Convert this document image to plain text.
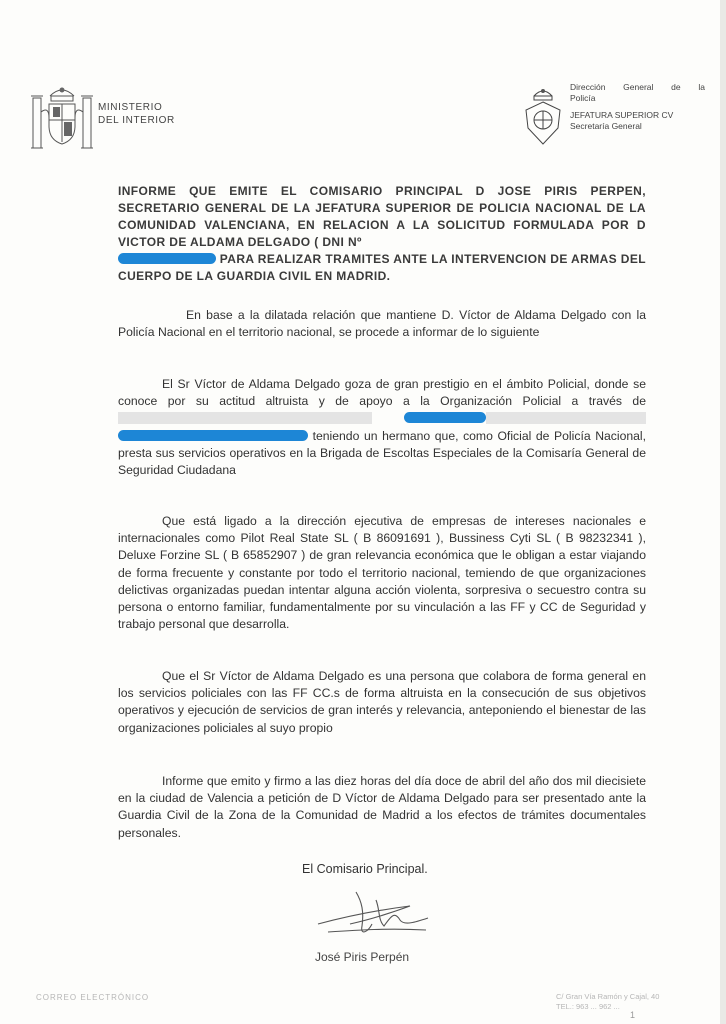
MINISTERIO
DEL INTERIOR
Dirección General de la
Policía
JEFATURA SUPERIOR CV
Secretaría General
INFORME QUE EMITE EL COMISARIO PRINCIPAL D JOSE PIRIS PERPEN, SECRETARIO GENERAL DE LA JEFATURA SUPERIOR DE POLICIA NACIONAL DE LA COMUNIDAD VALENCIANA, EN RELACION A LA SOLICITUD FORMULADA POR D VICTOR DE ALDAMA DELGADO ( DNI Nº
PARA REALIZAR TRAMITES ANTE LA INTERVENCION DE ARMAS DEL CUERPO DE LA GUARDIA CIVIL EN MADRID.
En base a la dilatada relación que mantiene D. Víctor de Aldama Delgado con la Policía Nacional en el territorio nacional, se procede a informar de lo siguiente
El Sr Víctor de Aldama Delgado goza de gran prestigio en el ámbito Policial, donde se conoce por su actitud altruista y de apoyo a la Organización Policial a través de   teniendo un hermano que, como Oficial de Policía Nacional, presta sus servicios operativos en la Brigada de Escoltas Especiales de la Comisaría General de Seguridad Ciudadana
Que está ligado a la dirección ejecutiva de empresas de intereses nacionales e internacionales como Pilot Real State SL ( B 86091691 ), Bussiness Cyti SL ( B 98232341 ), Deluxe Forzine SL ( B 65852907 ) de gran relevancia económica que le obligan a estar viajando de forma frecuente y constante por todo el territorio nacional, temiendo de que organizaciones delictivas organizadas puedan intentar alguna acción violenta, sorpresiva o secuestro contra su persona o entorno familiar, fundamentalmente por su vinculación a las FF y CC de Seguridad y trabajo personal que desarrolla.
Que el Sr Víctor de Aldama Delgado es una persona que colabora de forma general en los servicios policiales con las FF CC.s de forma altruista en la consecución de sus objetivos operativos y ejecución de servicios de gran interés y relevancia, anteponiendo el bienestar de las organizaciones policiales al suyo propio
Informe que emito y firmo a las diez horas del día doce de abril del año dos mil diecisiete en la ciudad de Valencia a petición de D Víctor de Aldama Delgado para ser presentado ante la Guardia Civil de la Zona de la Comunidad de Madrid a los efectos de trámites documentales personales.
El Comisario Principal.
José Piris Perpén
CORREO ELECTRÓNICO	C/ Gran Vía Ramón y Cajal, 40
TEL.: 963 ... 962 ...
1
